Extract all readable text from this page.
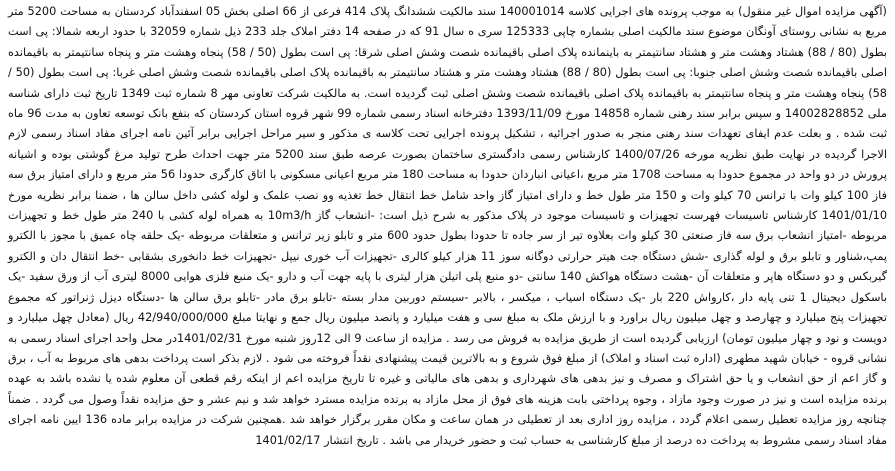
(آگهی مزایده اموال غیر منقول) به موجب پرونده های اجرایی کلاسه 140001014 سند مالکیت ششدانگ پلاک 414 فرعی از 66 اصلی بخش 05 اسفندآباد کردستان به مساحت 5200 متر مربع به نشانی روستای آونگان موضوع سند مالکیت اصلی بشماره چاپی 125333 سری ه سال 91 که در صفحه 14 دفتر املاک جلد 233 ذیل شماره 32059 با حدود اربعه شمالا: پی است بطول (80 / 88) هشتاد وهشت متر و هشتاد سانتیمتر به باینمانده پلاک اصلی باقیمانده شصت وشش اصلی شرقا: پی است بطول (50 / 58) پنجاه وهشت متر و پنجاه سانتیمتر به باقیمانده اصلی باقیمانده شصت وشش اصلی جنوبا: پی است بطول (80 / 88) هشتاد وهشت متر و هشتاد سانتیمتر به باقیمانده پلاک اصلی باقیمانده شصت وشش اصلی غربا: پی است بطول (50 / 58) پنجاه وهشت متر و پنجاه سانتیمتر به باقیمانده پلاک اصلی باقیمانده شصت وشش اصلی ثبت گردیده است. به مالکیت شرکت تعاونی مهر 8 شماره ثبت 1349 تاریخ ثبت دارای شناسه ملی 14002828852 و سپس برابر سند رهنی شماره 14858 مورخ 1393/11/09 دفترخانه اسناد رسمی شماره 99 شهر قروه استان کردستان که بنفع بانک توسعه تعاون به مدت 96 ماه ثبت شده . و بعلت عدم ایفای تعهدات سند رهنی منجر به صدور اجرائیه ، تشکیل پرونده اجرایی تحت کلاسه ی مذکور و سیر مراحل اجرایی برابر آئین نامه اجرای مفاد اسناد رسمی لازم الاجرا گردیده در نهایت طبق نظریه مورخه 1400/07/26 کارشناس رسمی دادگستری ساختمان بصورت عرصه طبق سند 5200 متر جهت احداث طرح تولید مرغ گوشتی بوده و اشیانه پرورش در دو واحد در مجموع حدودا به مساحت 1708 متر مربع ،اعیانی انبارداﻥ حدودا به مساحت 180 متر مربع اعیانی مسکونی با اتاق کارگری حدودا 56 متر مربع و دارای امتیاز برق سه فاز 100 کیلو وات با ترانس 70 کیلو وات و 150 متر طول خط و دارای امتیاز گاز واحد شامل خط انتقال خط تغذیه وو نصب علمک و لوله کشی داخل سالن ها ، ضمنا برابر نظریه مورخ 1401/01/10 کارشناس تاسیسات فهرست تجهیزات و تاسیسات موجود در پلاک مذکور به شرح ذیل است: -انشعاب گاز 10m3/h به همراه لوله کشی با 240 متر طول خط و تجهیزات مربوطه -امتیاز انشعاب برق سه فاز صنعتی 30 کیلو وات بعلاوه تیر از سر جاده تا حدودا بطول حدود 600 متر و تابلو زیر ترانس و متعلقات مربوطه -یک حلقه چاه عمیق با مجوز با الکترو پمپ،شناور و تابلو برق و لوله گذاری -شش دستگاه جت هیتر حرارتی دوگانه سوز 11 هزار کیلو کالری -تجهیزات آب خوری نیپل -تجهیزات خط دانخوری بشقابی -خط انتقال دان و الکترو گیربکس و دو دستگاه هاپر و متعلقات آن -هشت دستگاه هواکش 140 سانتی -دو منبع پلی اتیلن هزار لیتری با پایه جهت آب و دارو -یک منبع فلزی هوایی 8000 لیتری آب از ورق سفید -یک باسکول دیجیتال 1 تنی پایه دار ،کارواش 220 بار -یک دستگاه اسیاب ، میکسر ، بالابر -سیستم دوربین مدار بسته -تابلو برق مادر -تابلو برق سالن ها -دستگاه دیزل ژنراتور که مجموع تجهیزات پنج میلیارد و چهارصد و چهل میلیون ریال براورد و با ارزش ملک به مبلغ سی و هفت میلیارد و پانصد میلیون ریال جمع و نهایتا مبلغ 42/940/000/000 ریال (معادل چهل میلیارد و دویست و نود و چهار میلیون تومان) ارزیابی گردیده است از طریق مزایده به فروش می رسد . مزایده از ساعت 9 الی 12روز شنبه مورخ 1401/02/31در محل واحد اجرای اسناد رسمی به نشانی قروه - خیابان شهید مطهری (اداره ثبت اسناد و املاک) از مبلغ فوق شروع و به بالاترین قیمت پیشنهادی نقداً فروخته می شود . لازم بذکر است پرداخت بدهی های مربوط به آب ، برق و گاز اعم از حق انشعاب و یا حق اشتراک و مصرف و نیز بدهی های شهرداری و بدهی های مالیاتی و غیره تا تاریخ مزایده اعم از اینکه رقم قطعی آن معلوم شده یا نشده باشد به عهده برنده مزایده است و نیز در صورت وجود مازاد ، وجوه پرداختی بابت هزینه های فوق از محل مازاد به برنده مزایده مسترد خواهد شد و نیم عشر و حق مزایده نقداً وصول می گردد . ضمناً چنانچه روز مزایده تعطیل رسمی اعلام گردد ، مزایده روز اداری بعد از تعطیلی در همان ساعت و مکان مقرر برگزار خواهد شد .همچنین شرکت در مزایده برابر ماده 136 ایین نامه اجرای مفاد اسناد رسمی مشروط به پرداخت ده درصد از مبلغ کارشناسی به حساب ثبت و حضور خریدار می باشد . تاریخ انتشار 1401/02/17
